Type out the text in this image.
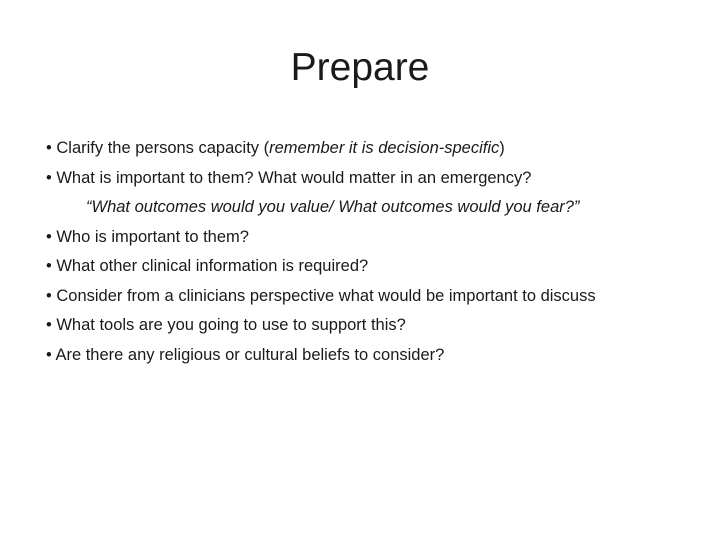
Prepare
• Clarify the persons capacity (remember it is decision-specific)
• What is important to them? What would matter in an emergency?
“What outcomes would you value/ What outcomes would you fear?”
• Who is important to them?
• What other clinical information is required?
• Consider from a clinicians perspective what would be important to discuss
• What tools are you going to use to support this?
• Are there any religious or cultural beliefs to consider?
